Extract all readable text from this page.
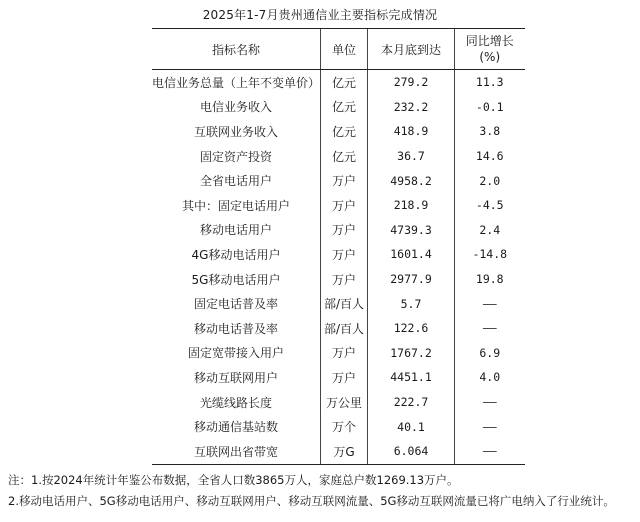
2025年1-7月贵州通信业主要指标完成情况
指标名称	单位	本月底到达	同比增长
(%)

电信业务总量（上年不变单价）	亿元	279.2	11.3
电信业务收入	亿元	232.2	-0.1
互联网业务收入	亿元	418.9	3.8
固定资产投资	亿元	36.7	14.6
全省电话用户	万户	4958.2	2.0
其中：固定电话用户	万户	218.9	-4.5
移动电话用户	万户	4739.3	2.4
4G移动电话用户	万户	1601.4	-14.8
5G移动电话用户	万户	2977.9	19.8
固定电话普及率	部/百人	5.7	——
移动电话普及率	部/百人	122.6	——
固定宽带接入用户	万户	1767.2	6.9
移动互联网用户	万户	4451.1	4.0
光缆线路长度	万公里	222.7	——
移动通信基站数	万个	40.1	——
互联网出省带宽	万G	6.064	——
注：1.按2024年统计年鉴公布数据，全省人口数3865万人，家庭总户数1269.13万户。
2.移动电话用户、5G移动电话用户、移动互联网用户、移动互联网流量、5G移动互联网流量已将广电纳入了行业统计。
